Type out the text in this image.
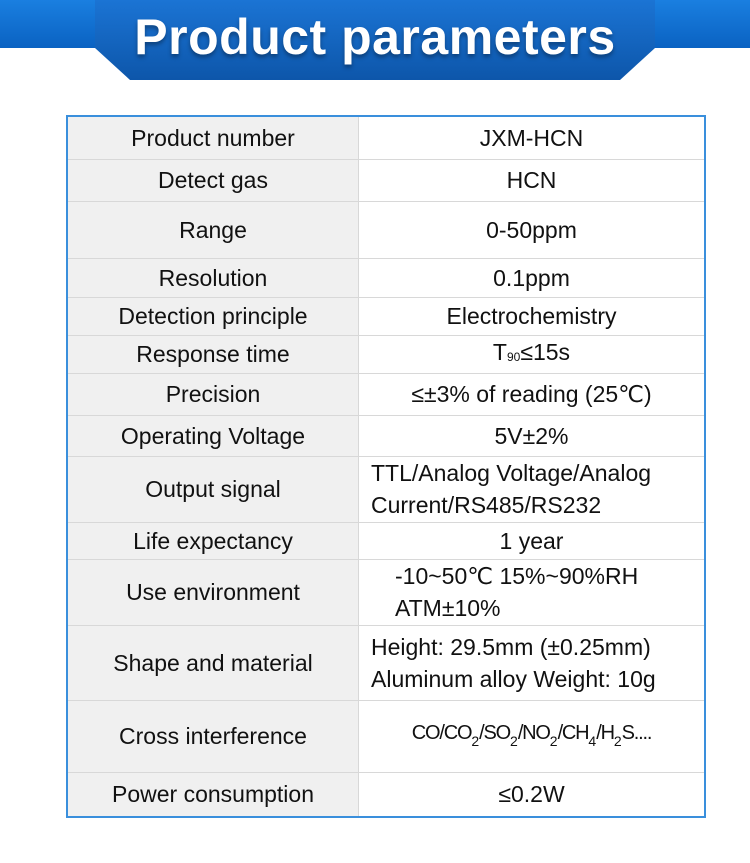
Product parameters
Product number	JXM-HCN
Detect gas	HCN
Range	0-50ppm
Resolution	0.1ppm
Detection principle	Electrochemistry
Response time	T90≤15s
Precision	≤±3% of reading (25℃)
Operating Voltage	5V±2%
Output signal	TTL/Analog Voltage/Analog
Current/RS485/RS232

Life expectancy	1 year
Use environment	-10~50℃ 15%~90%RH
ATM±10%

Shape and material	Height: 29.5mm (±0.25mm)
Aluminum alloy Weight: 10g

Cross interference	$CO/CO_2/SO_2/NO_2/CH_4/H_2S$....
Power consumption	≤0.2W
